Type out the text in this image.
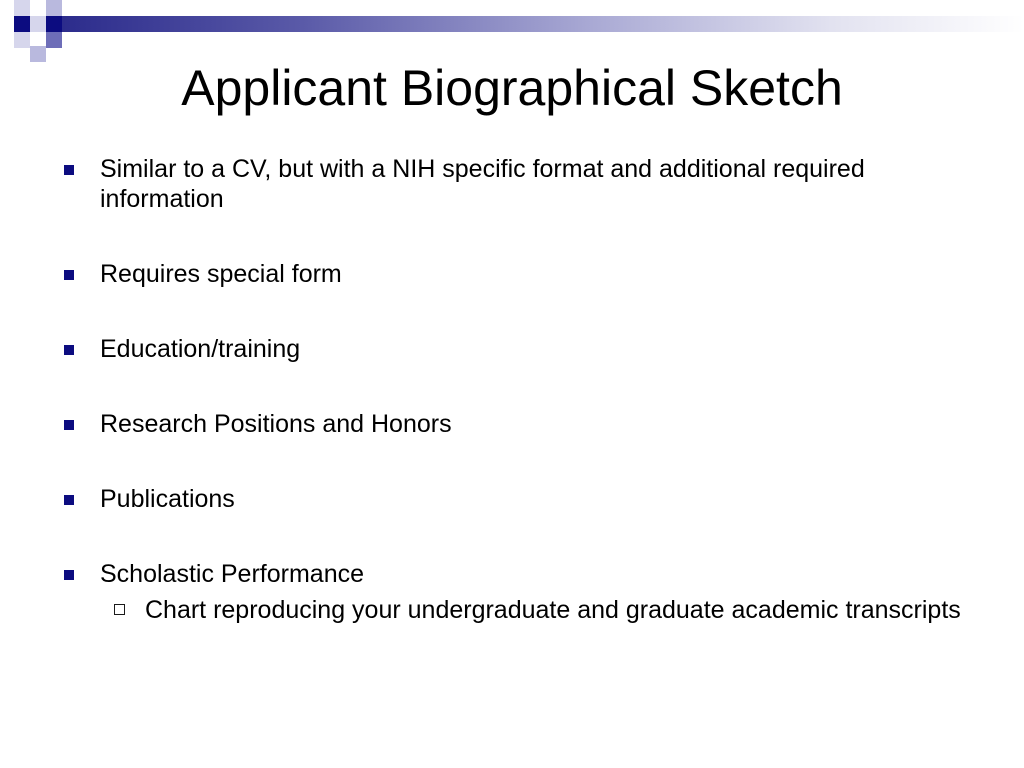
Applicant Biographical Sketch
Similar to a CV, but with a NIH specific format and additional required information
Requires special form
Education/training
Research Positions and Honors
Publications
Scholastic Performance
Chart reproducing your undergraduate and graduate academic transcripts
